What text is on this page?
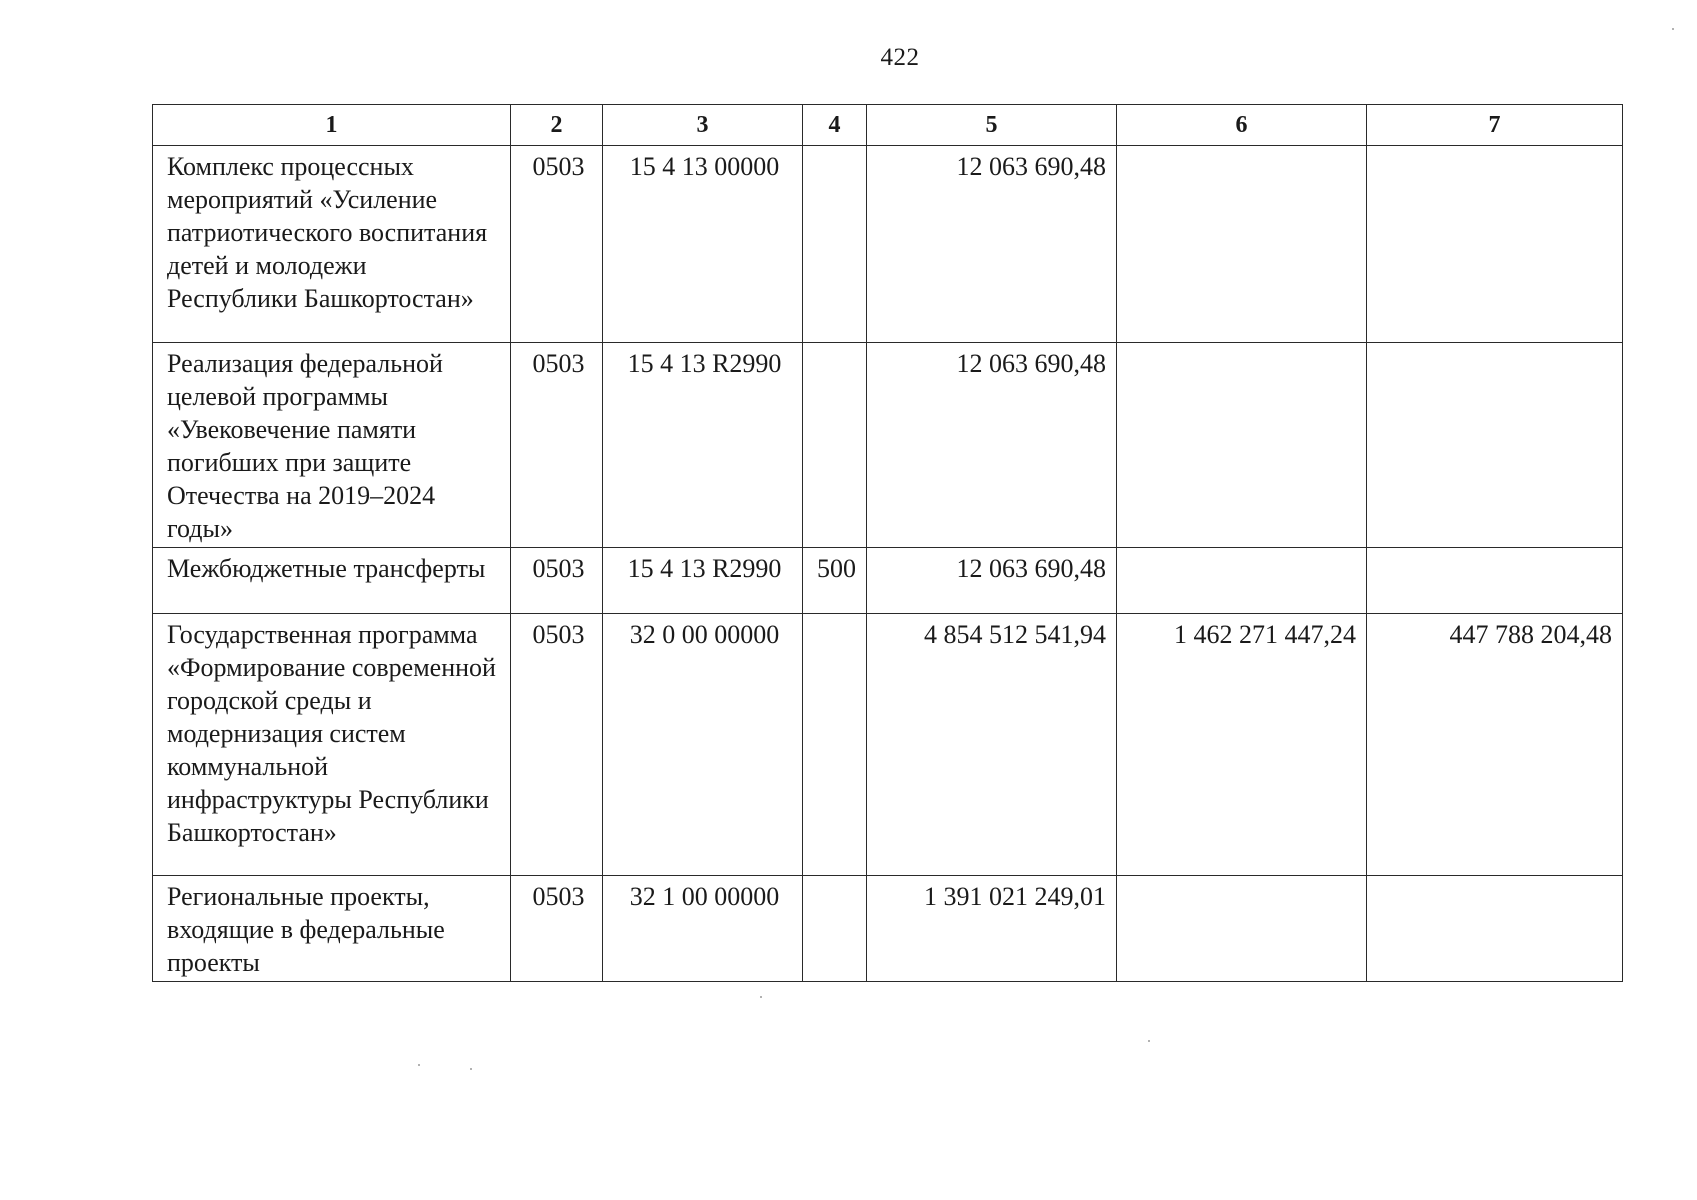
422
1	2	3	4	5	6	7
Комплекс процессных мероприятий «Усиление патриотического воспитания детей и молодежи Республики Башкортостан»	0503	15 4 13 00000		12 063 690,48		
Реализация федеральной целевой программы «Увековечение памяти погибших при защите Отечества на 2019–2024 годы»	0503	15 4 13 R2990		12 063 690,48		
Межбюджетные трансферты	0503	15 4 13 R2990	500	12 063 690,48		
Государственная программа «Формирование современной городской среды и модернизация систем коммунальной инфраструктуры Республики Башкортостан»	0503	32 0 00 00000		4 854 512 541,94	1 462 271 447,24	447 788 204,48
Региональные проекты, входящие в федеральные проекты	0503	32 1 00 00000		1 391 021 249,01		
